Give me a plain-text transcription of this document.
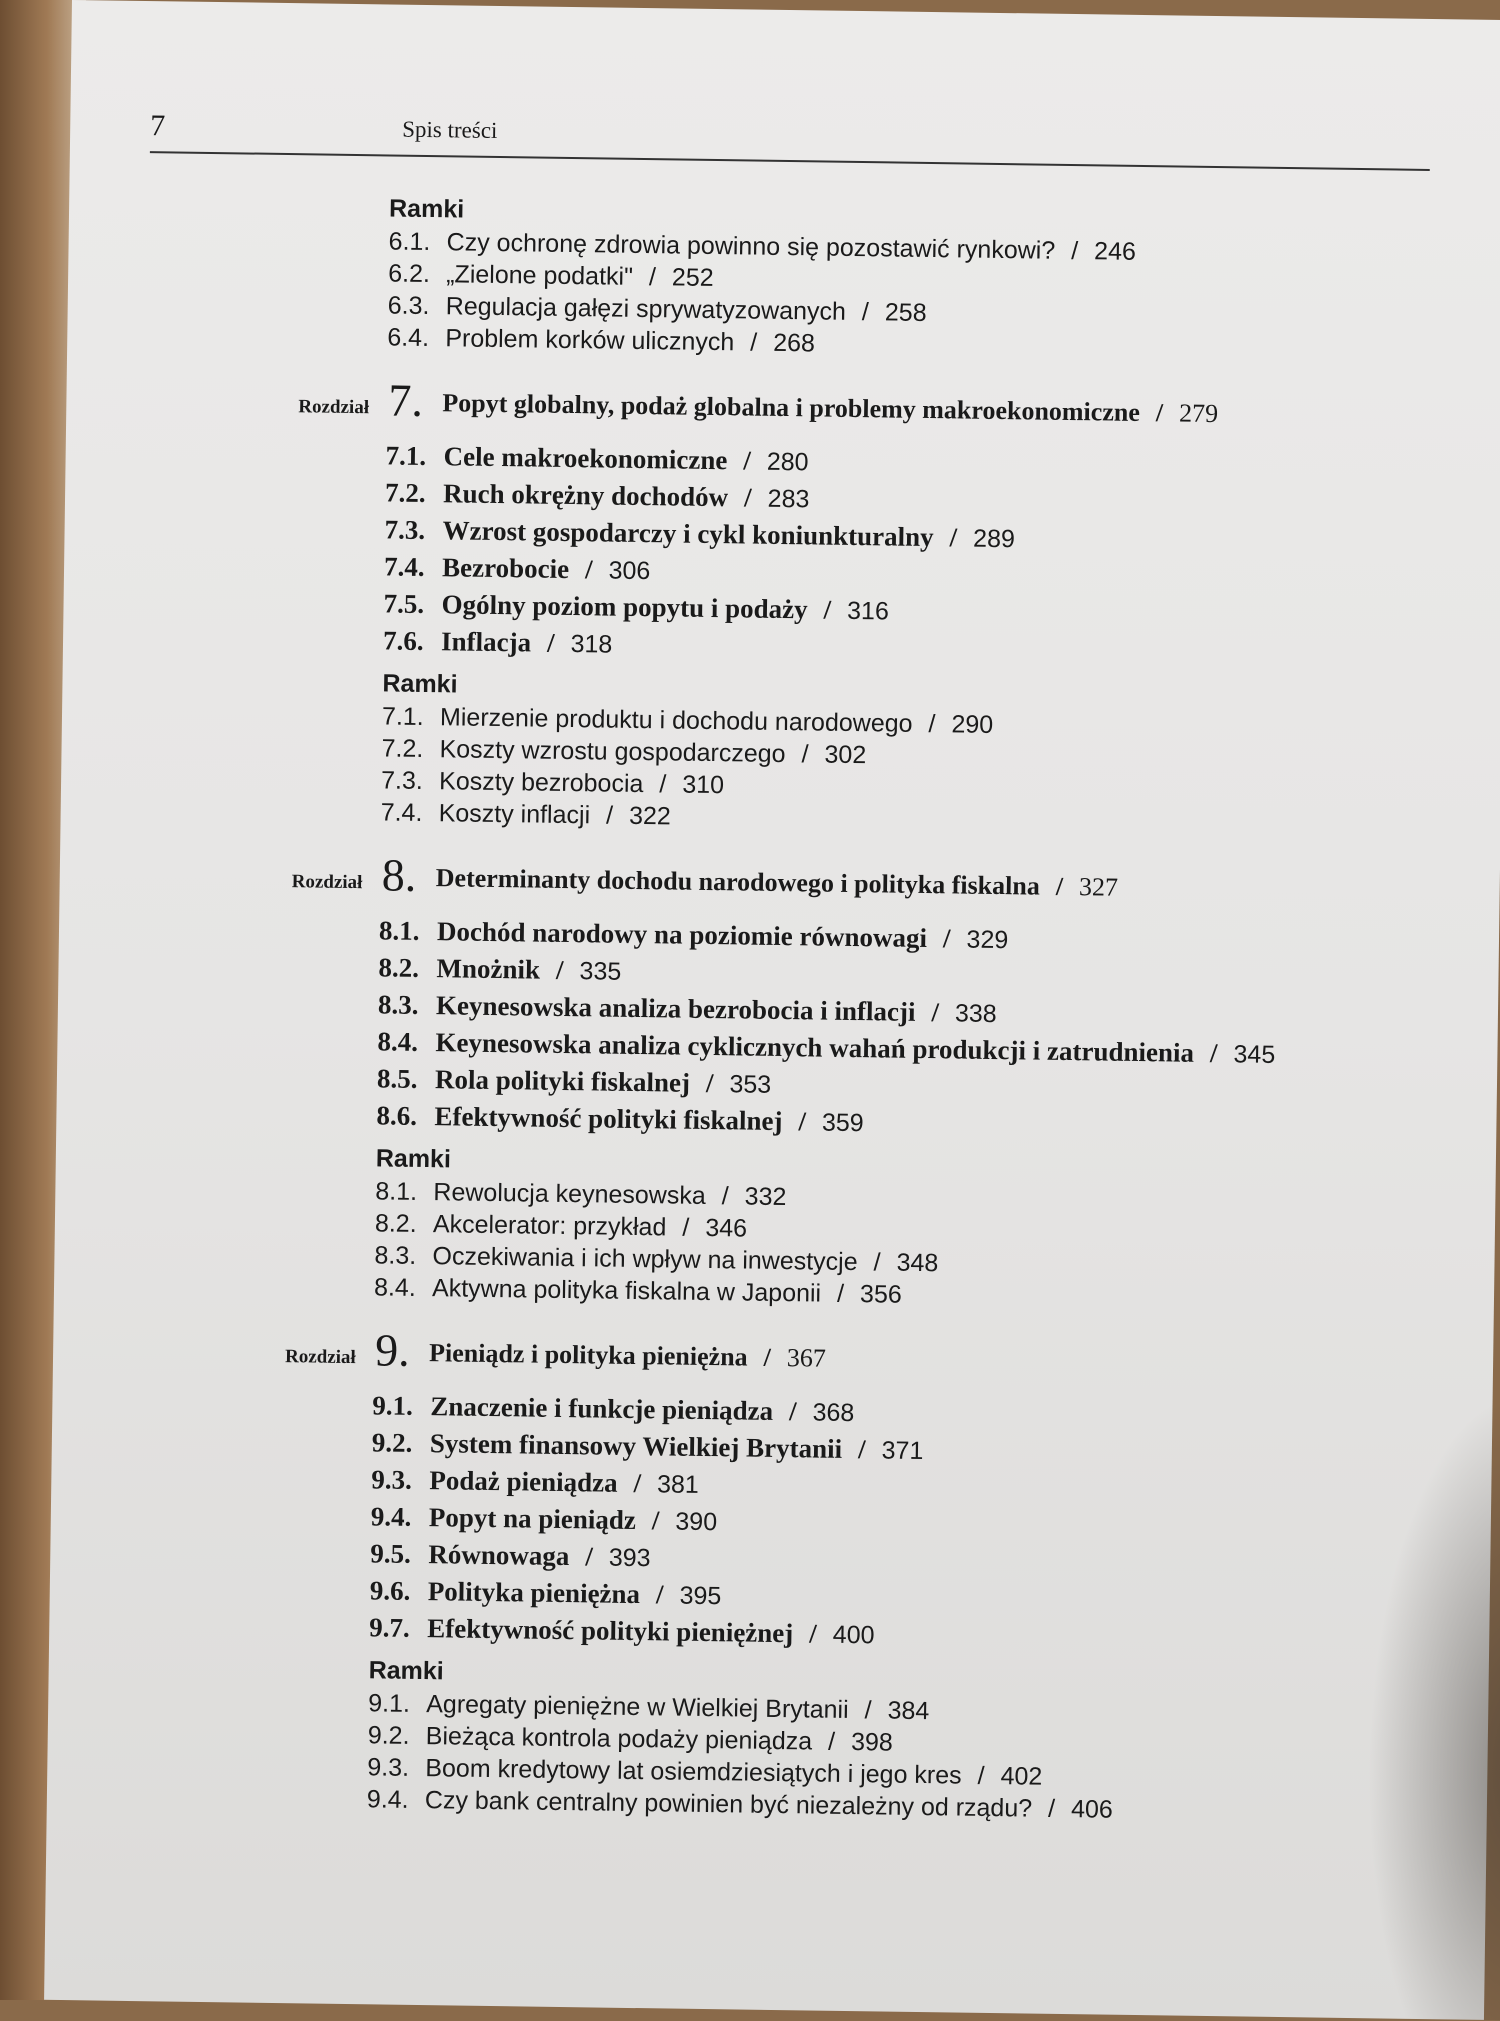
7	Spis treści
Ramki
6.1. Czy ochronę zdrowia powinno się pozostawić rynkowi? / 246
6.2. „Zielone podatki" / 252
6.3. Regulacja gałęzi sprywatyzowanych / 258
6.4. Problem korków ulicznych / 268
Rozdział 7. Popyt globalny, podaż globalna i problemy makroekonomiczne / 279
7.1. Cele makroekonomiczne / 280
7.2. Ruch okrężny dochodów / 283
7.3. Wzrost gospodarczy i cykl koniunkturalny / 289
7.4. Bezrobocie / 306
7.5. Ogólny poziom popytu i podaży / 316
7.6. Inflacja / 318
Ramki
7.1. Mierzenie produktu i dochodu narodowego / 290
7.2. Koszty wzrostu gospodarczego / 302
7.3. Koszty bezrobocia / 310
7.4. Koszty inflacji / 322
Rozdział 8. Determinanty dochodu narodowego i polityka fiskalna / 327
8.1. Dochód narodowy na poziomie równowagi / 329
8.2. Mnożnik / 335
8.3. Keynesowska analiza bezrobocia i inflacji / 338
8.4. Keynesowska analiza cyklicznych wahań produkcji i zatrudnienia / 345
8.5. Rola polityki fiskalnej / 353
8.6. Efektywność polityki fiskalnej / 359
Ramki
8.1. Rewolucja keynesowska / 332
8.2. Akcelerator: przykład / 346
8.3. Oczekiwania i ich wpływ na inwestycje / 348
8.4. Aktywna polityka fiskalna w Japonii / 356
Rozdział 9. Pieniądz i polityka pieniężna / 367
9.1. Znaczenie i funkcje pieniądza / 368
9.2. System finansowy Wielkiej Brytanii / 371
9.3. Podaż pieniądza / 381
9.4. Popyt na pieniądz / 390
9.5. Równowaga / 393
9.6. Polityka pieniężna / 395
9.7. Efektywność polityki pieniężnej / 400
Ramki
9.1. Agregaty pieniężne w Wielkiej Brytanii / 384
9.2. Bieżąca kontrola podaży pieniądza / 398
9.3. Boom kredytowy lat osiemdziesiątych i jego kres / 402
9.4. Czy bank centralny powinien być niezależny od rządu? / 406
